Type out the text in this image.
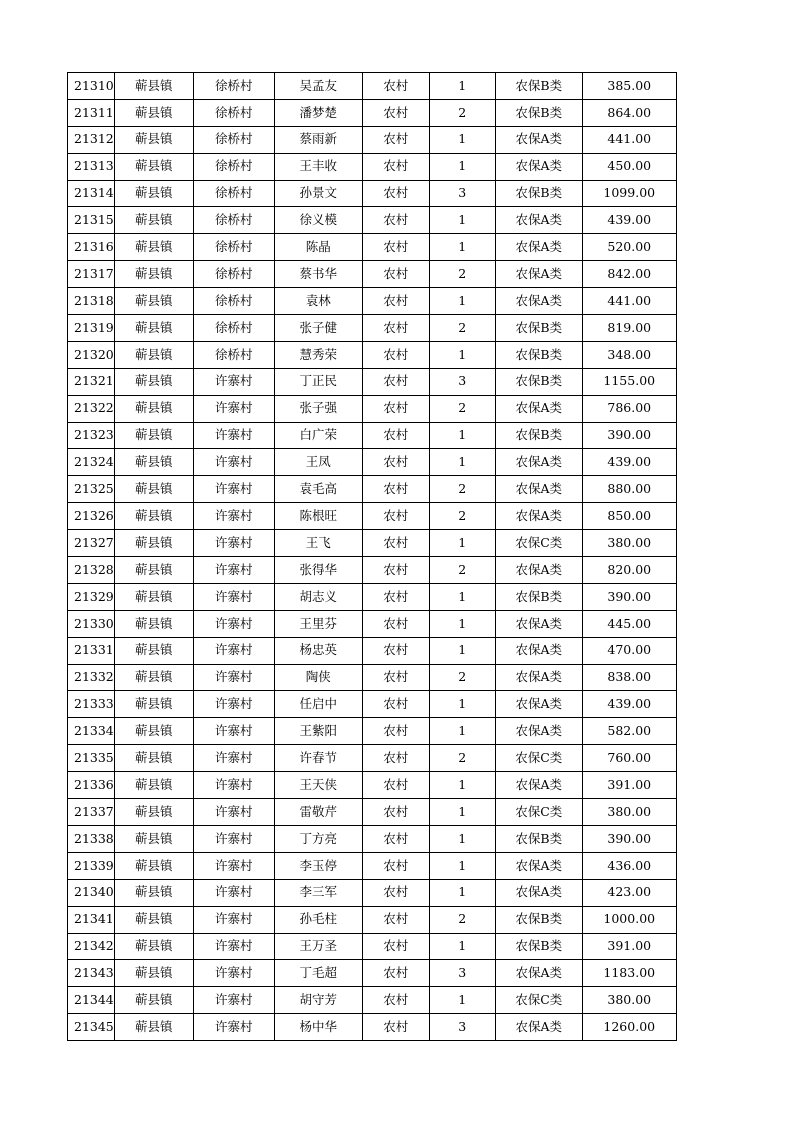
21310	蕲县镇	徐桥村	吴孟友	农村	1	农保B类	385.00
21311	蕲县镇	徐桥村	潘梦楚	农村	2	农保B类	864.00
21312	蕲县镇	徐桥村	蔡雨新	农村	1	农保A类	441.00
21313	蕲县镇	徐桥村	王丰收	农村	1	农保A类	450.00
21314	蕲县镇	徐桥村	孙景文	农村	3	农保B类	1099.00
21315	蕲县镇	徐桥村	徐义模	农村	1	农保A类	439.00
21316	蕲县镇	徐桥村	陈晶	农村	1	农保A类	520.00
21317	蕲县镇	徐桥村	蔡书华	农村	2	农保A类	842.00
21318	蕲县镇	徐桥村	袁林	农村	1	农保A类	441.00
21319	蕲县镇	徐桥村	张子健	农村	2	农保B类	819.00
21320	蕲县镇	徐桥村	慧秀荣	农村	1	农保B类	348.00
21321	蕲县镇	许寨村	丁正民	农村	3	农保B类	1155.00
21322	蕲县镇	许寨村	张子强	农村	2	农保A类	786.00
21323	蕲县镇	许寨村	白广荣	农村	1	农保B类	390.00
21324	蕲县镇	许寨村	王凤	农村	1	农保A类	439.00
21325	蕲县镇	许寨村	袁毛高	农村	2	农保A类	880.00
21326	蕲县镇	许寨村	陈根旺	农村	2	农保A类	850.00
21327	蕲县镇	许寨村	王飞	农村	1	农保C类	380.00
21328	蕲县镇	许寨村	张得华	农村	2	农保A类	820.00
21329	蕲县镇	许寨村	胡志义	农村	1	农保B类	390.00
21330	蕲县镇	许寨村	王里芬	农村	1	农保A类	445.00
21331	蕲县镇	许寨村	杨忠英	农村	1	农保A类	470.00
21332	蕲县镇	许寨村	陶侠	农村	2	农保A类	838.00
21333	蕲县镇	许寨村	任启中	农村	1	农保A类	439.00
21334	蕲县镇	许寨村	王紫阳	农村	1	农保A类	582.00
21335	蕲县镇	许寨村	许春节	农村	2	农保C类	760.00
21336	蕲县镇	许寨村	王天侠	农村	1	农保A类	391.00
21337	蕲县镇	许寨村	雷敬芹	农村	1	农保C类	380.00
21338	蕲县镇	许寨村	丁方亮	农村	1	农保B类	390.00
21339	蕲县镇	许寨村	李玉停	农村	1	农保A类	436.00
21340	蕲县镇	许寨村	李三军	农村	1	农保A类	423.00
21341	蕲县镇	许寨村	孙毛柱	农村	2	农保B类	1000.00
21342	蕲县镇	许寨村	王万圣	农村	1	农保B类	391.00
21343	蕲县镇	许寨村	丁毛超	农村	3	农保A类	1183.00
21344	蕲县镇	许寨村	胡守芳	农村	1	农保C类	380.00
21345	蕲县镇	许寨村	杨中华	农村	3	农保A类	1260.00
